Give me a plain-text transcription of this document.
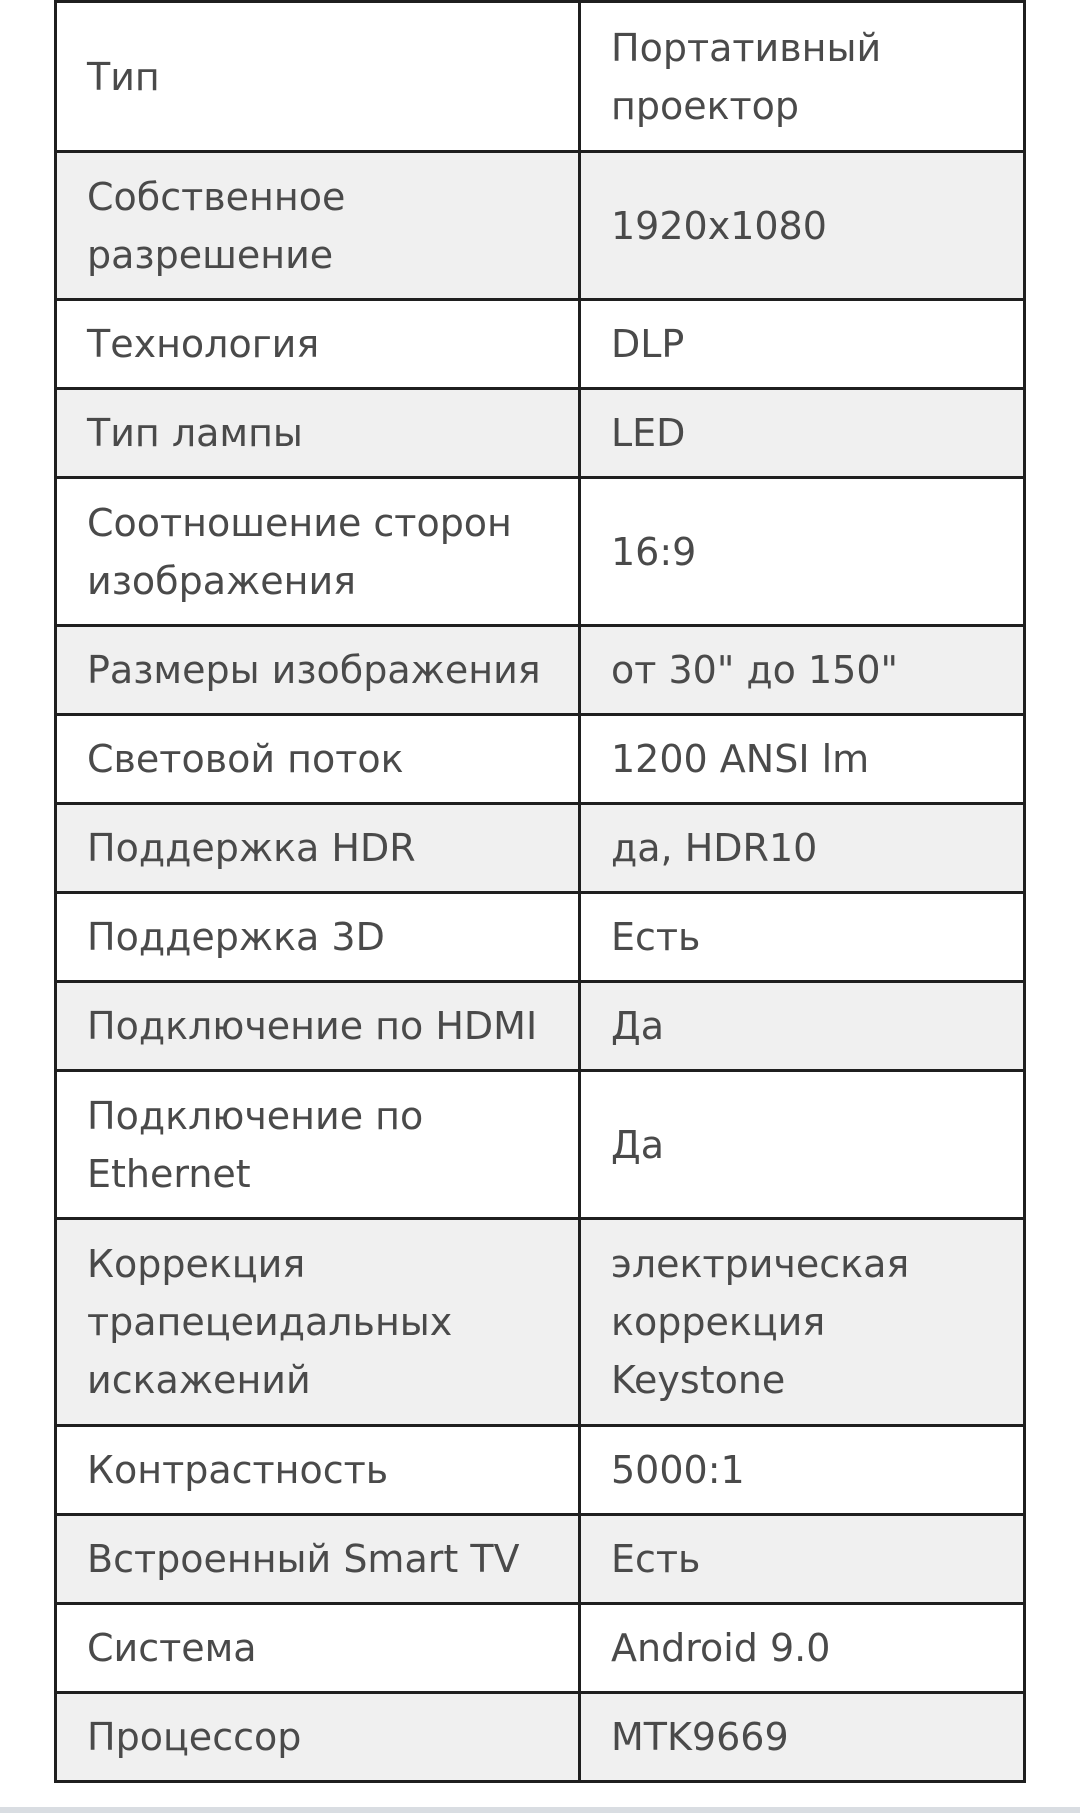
Тип	Портативный проектор
Собственное разрешение	1920x1080
Технология	DLP
Тип лампы	LED
Соотношение сторон изображения	16:9
Размеры изображения	от 30" до 150"
Световой поток	1200 ANSI lm
Поддержка HDR	да, HDR10
Поддержка 3D	Есть
Подключение по HDMI	Да
Подключение по Ethernet	Да
Коррекция трапецеидальных искажений	электрическая коррекция Keystone
Контрастность	5000:1
Встроенный Smart TV	Есть
Система	Android 9.0
Процессор	MTK9669
